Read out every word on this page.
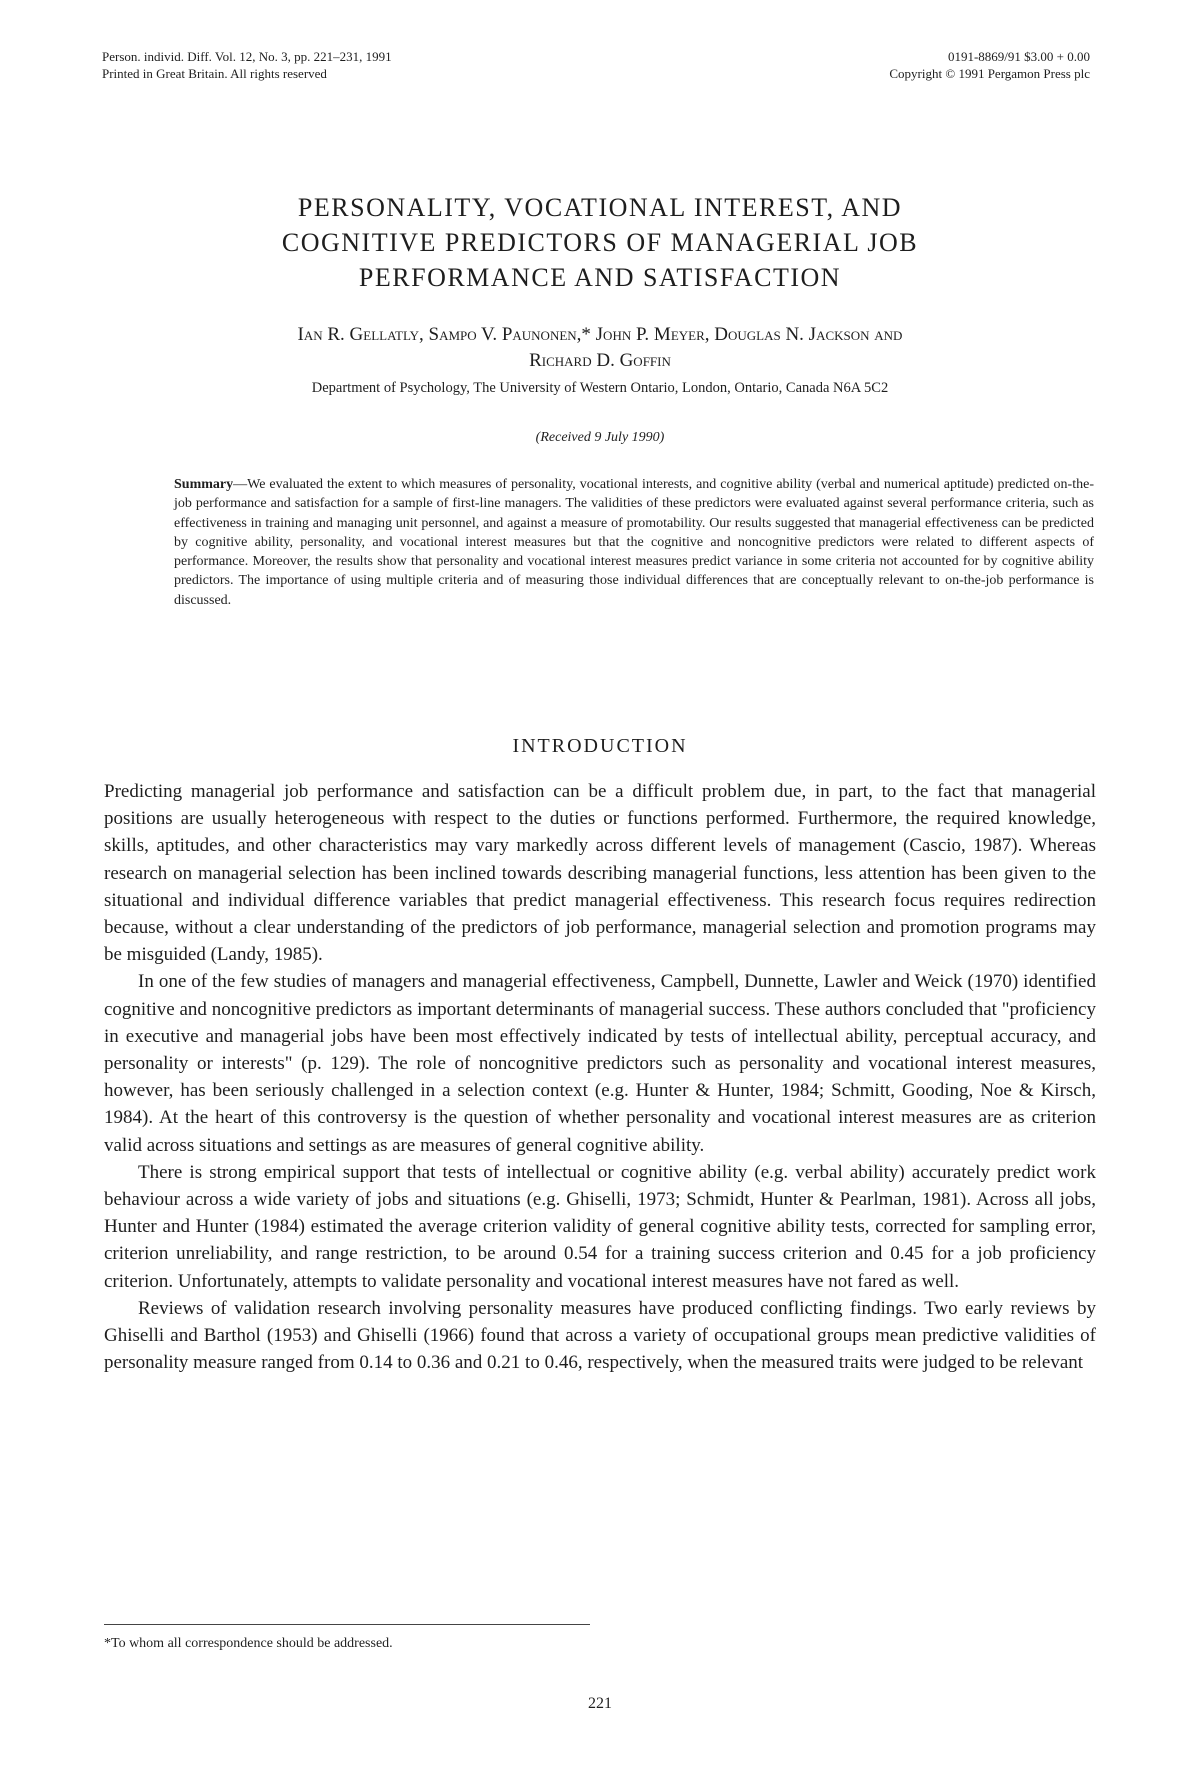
Person. individ. Diff. Vol. 12, No. 3, pp. 221–231, 1991
Printed in Great Britain. All rights reserved
0191-8869/91 $3.00 + 0.00
Copyright © 1991 Pergamon Press plc
PERSONALITY, VOCATIONAL INTEREST, AND
COGNITIVE PREDICTORS OF MANAGERIAL JOB
PERFORMANCE AND SATISFACTION
Ian R. Gellatly, Sampo V. Paunonen,* John P. Meyer, Douglas N. Jackson and
Richard D. Goffin
Department of Psychology, The University of Western Ontario, London, Ontario, Canada N6A 5C2
(Received 9 July 1990)
Summary—We evaluated the extent to which measures of personality, vocational interests, and cognitive ability (verbal and numerical aptitude) predicted on-the-job performance and satisfaction for a sample of first-line managers. The validities of these predictors were evaluated against several performance criteria, such as effectiveness in training and managing unit personnel, and against a measure of promotability. Our results suggested that managerial effectiveness can be predicted by cognitive ability, personality, and vocational interest measures but that the cognitive and noncognitive predictors were related to different aspects of performance. Moreover, the results show that personality and vocational interest measures predict variance in some criteria not accounted for by cognitive ability predictors. The importance of using multiple criteria and of measuring those individual differences that are conceptually relevant to on-the-job performance is discussed.
INTRODUCTION

Predicting managerial job performance and satisfaction can be a difficult problem due, in part, to the fact that managerial positions are usually heterogeneous with respect to the duties or functions performed. Furthermore, the required knowledge, skills, aptitudes, and other characteristics may vary markedly across different levels of management (Cascio, 1987). Whereas research on managerial selection has been inclined towards describing managerial functions, less attention has been given to the situational and individual difference variables that predict managerial effectiveness. This research focus requires redirection because, without a clear understanding of the predictors of job performance, managerial selection and promotion programs may be misguided (Landy, 1985).

In one of the few studies of managers and managerial effectiveness, Campbell, Dunnette, Lawler and Weick (1970) identified cognitive and noncognitive predictors as important determinants of managerial success. These authors concluded that "proficiency in executive and managerial jobs have been most effectively indicated by tests of intellectual ability, perceptual accuracy, and personality or interests" (p. 129). The role of noncognitive predictors such as personality and vocational interest measures, however, has been seriously challenged in a selection context (e.g. Hunter & Hunter, 1984; Schmitt, Gooding, Noe & Kirsch, 1984). At the heart of this controversy is the question of whether personality and vocational interest measures are as criterion valid across situations and settings as are measures of general cognitive ability.

There is strong empirical support that tests of intellectual or cognitive ability (e.g. verbal ability) accurately predict work behaviour across a wide variety of jobs and situations (e.g. Ghiselli, 1973; Schmidt, Hunter & Pearlman, 1981). Across all jobs, Hunter and Hunter (1984) estimated the average criterion validity of general cognitive ability tests, corrected for sampling error, criterion unreliability, and range restriction, to be around 0.54 for a training success criterion and 0.45 for a job proficiency criterion. Unfortunately, attempts to validate personality and vocational interest measures have not fared as well.

Reviews of validation research involving personality measures have produced conflicting findings. Two early reviews by Ghiselli and Barthol (1953) and Ghiselli (1966) found that across a variety of occupational groups mean predictive validities of personality measure ranged from 0.14 to 0.36 and 0.21 to 0.46, respectively, when the measured traits were judged to be relevant

*To whom all correspondence should be addressed.
221
